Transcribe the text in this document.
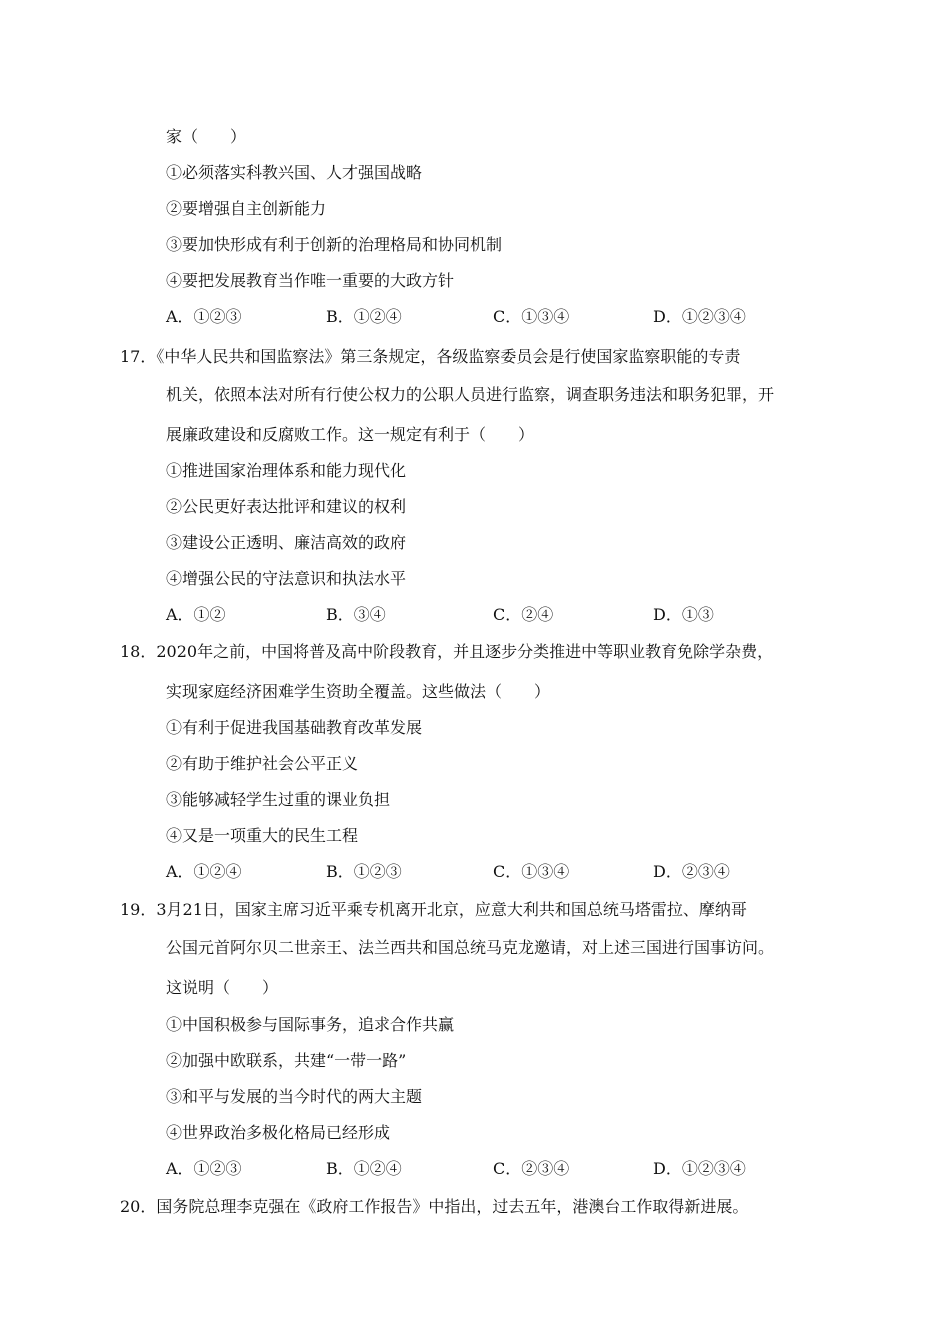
家（　　）
①必须落实科教兴国、人才强国战略
②要增强自主创新能力
③要加快形成有利于创新的治理格局和协同机制
④要把发展教育当作唯一重要的大政方针
A．①②③	B．①②④	C．①③④	D．①②③④
17．《中华人民共和国监察法》第三条规定，各级监察委员会是行使国家监察职能的专责
机关，依照本法对所有行使公权力的公职人员进行监察，调查职务违法和职务犯罪，开
展廉政建设和反腐败工作。这一规定有利于（　　）
①推进国家治理体系和能力现代化
②公民更好表达批评和建议的权利
③建设公正透明、廉洁高效的政府
④增强公民的守法意识和执法水平
A．①②	B．③④	C．②④	D．①③
18．2020年之前，中国将普及高中阶段教育，并且逐步分类推进中等职业教育免除学杂费，
实现家庭经济困难学生资助全覆盖。这些做法（　　）
①有利于促进我国基础教育改革发展
②有助于维护社会公平正义
③能够减轻学生过重的课业负担
④又是一项重大的民生工程
A．①②④	B．①②③	C．①③④	D．②③④
19．3月21日，国家主席习近平乘专机离开北京，应意大利共和国总统马塔雷拉、摩纳哥
公国元首阿尔贝二世亲王、法兰西共和国总统马克龙邀请，对上述三国进行国事访问。
这说明（　　）
①中国积极参与国际事务，追求合作共赢
②加强中欧联系，共建“一带一路”
③和平与发展的当今时代的两大主题
④世界政治多极化格局已经形成
A．①②③	B．①②④	C．②③④	D．①②③④
20．国务院总理李克强在《政府工作报告》中指出，过去五年，港澳台工作取得新进展。
